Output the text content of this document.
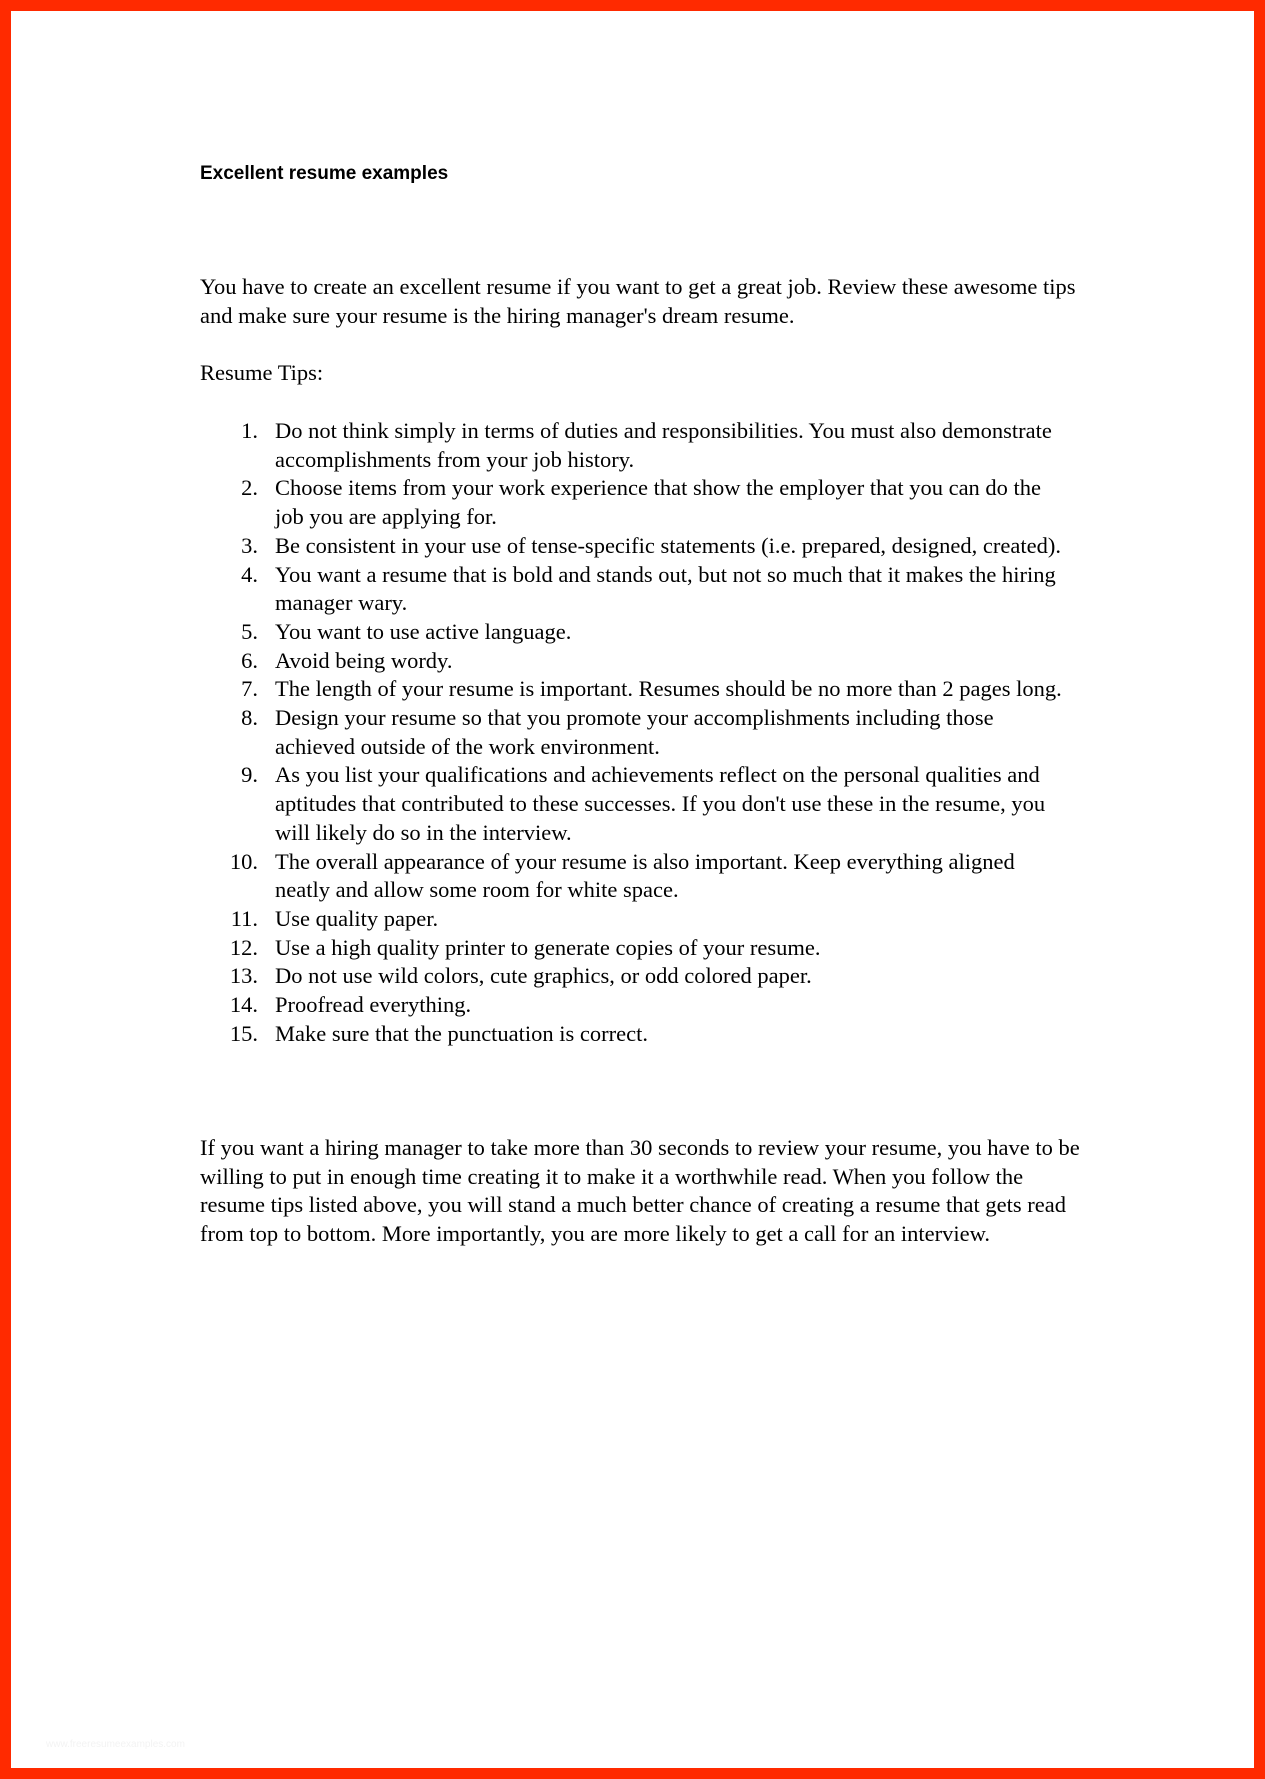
Excellent resume examples

You have to create an excellent resume if you want to get a great job. Review these awesome tips and make sure your resume is the hiring manager's dream resume.

Resume Tips:

1. Do not think simply in terms of duties and responsibilities. You must also demonstrate accomplishments from your job history.
2. Choose items from your work experience that show the employer that you can do the job you are applying for.
3. Be consistent in your use of tense-specific statements (i.e. prepared, designed, created).
4. You want a resume that is bold and stands out, but not so much that it makes the hiring manager wary.
5. You want to use active language.
6. Avoid being wordy.
7. The length of your resume is important. Resumes should be no more than 2 pages long.
8. Design your resume so that you promote your accomplishments including those achieved outside of the work environment.
9. As you list your qualifications and achievements reflect on the personal qualities and aptitudes that contributed to these successes. If you don't use these in the resume, you will likely do so in the interview.
10. The overall appearance of your resume is also important. Keep everything aligned neatly and allow some room for white space.
11. Use quality paper.
12. Use a high quality printer to generate copies of your resume.
13. Do not use wild colors, cute graphics, or odd colored paper.
14. Proofread everything.
15. Make sure that the punctuation is correct.

If you want a hiring manager to take more than 30 seconds to review your resume, you have to be willing to put in enough time creating it to make it a worthwhile read. When you follow the resume tips listed above, you will stand a much better chance of creating a resume that gets read from top to bottom. More importantly, you are more likely to get a call for an interview.

www.freeresumeexamples.com
